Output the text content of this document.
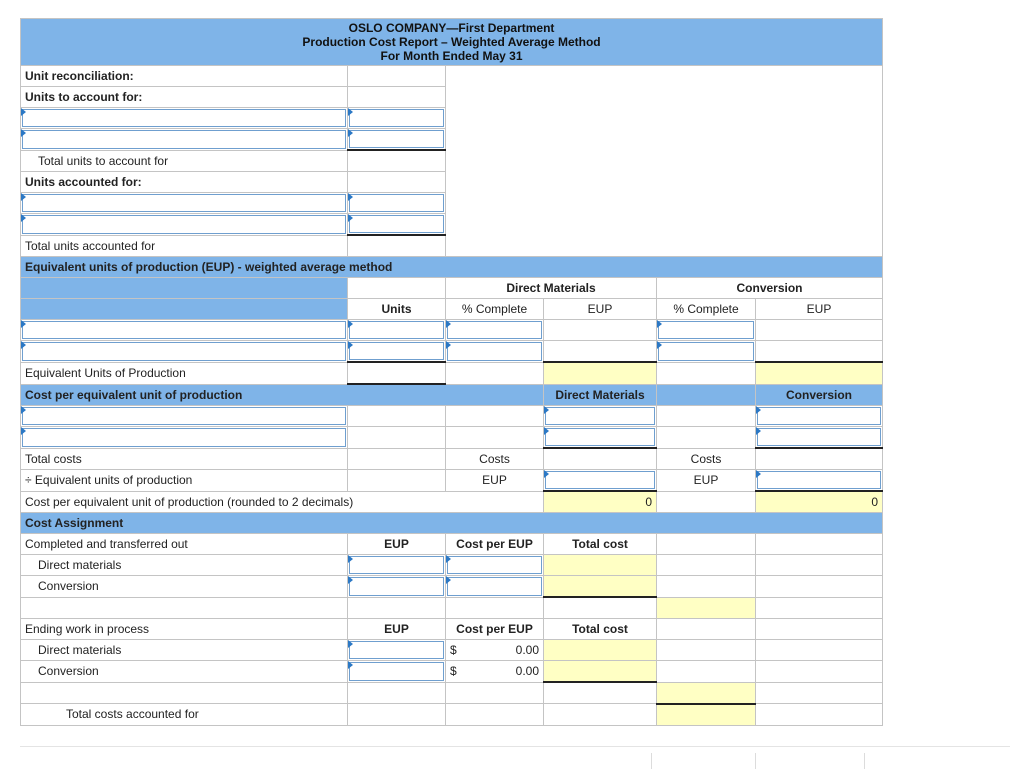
OSLO COMPANY—First Department
Production Cost Report – Weighted Average Method
For Month Ended May 31					

Unit reconciliation:					
Units to account for:					

Total units to account for					
Units accounted for:					

Total units accounted for					
Equivalent units of production (EUP) - weighted average method					
		Direct Materials		Conversion	
	Units	% Complete	EUP	% Complete	EUP

Equivalent Units of Production					
Cost per equivalent unit of production			Direct Materials		Conversion

Total costs		Costs		Costs	
÷ Equivalent units of production		EUP		EUP	

Cost per equivalent unit of production (rounded to 2 decimals)			0		0
Cost Assignment					
Completed and transferred out	EUP	Cost per EUP	Total cost		
Direct materials	

Conversion	

Ending work in process	EUP	Cost per EUP	Total cost		
Direct materials		$ 0.00			

Conversion		$ 0.00			

Total costs accounted for					
